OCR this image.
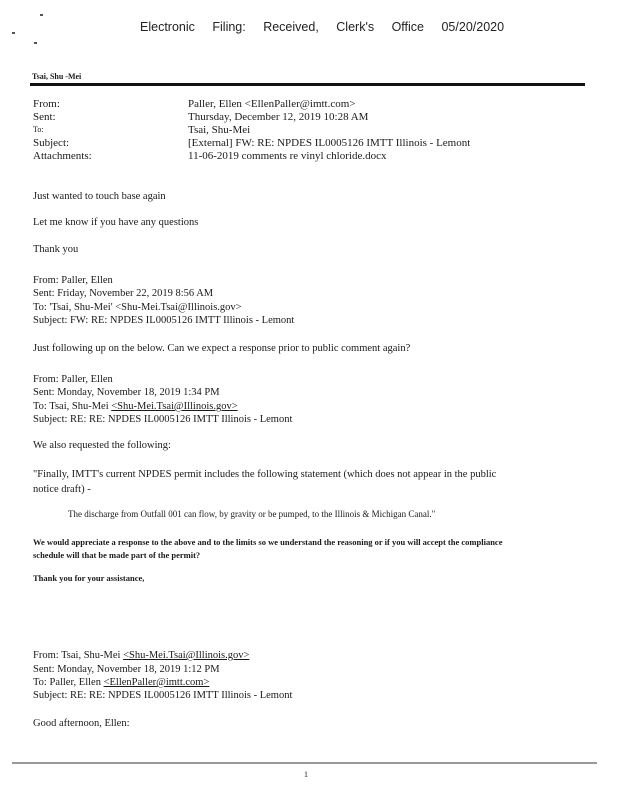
Electronic Filing: Received, Clerk's Office 05/20/2020
Tsai, Shu -Mei
From:	Paller, Ellen <EllenPaller@imtt.com>
Sent:	Thursday, December 12, 2019 10:28 AM
To:	Tsai, Shu-Mei
Subject:	[External] FW: RE: NPDES IL0005126 IMTT Illinois - Lemont
Attachments:	11-06-2019 comments re vinyl chloride.docx
Just wanted to touch base again
Let me know if you have any questions
Thank you
From: Paller, Ellen
Sent: Friday, November 22, 2019 8:56 AM
To: 'Tsai, Shu-Mei' <Shu-Mei.Tsai@Illinois.gov>
Subject: FW: RE: NPDES IL0005126 IMTT Illinois - Lemont
Just following up on the below. Can we expect a response prior to public comment again?
From: Paller, Ellen
Sent: Monday, November 18, 2019 1:34 PM
To: Tsai, Shu-Mei <Shu-Mei.Tsai@Illinois.gov>
Subject: RE: RE: NPDES IL0005126 IMTT Illinois - Lemont
We also requested the following:
"Finally, IMTT's current NPDES permit includes the following statement (which does not appear in the public
notice draft) -
The discharge from Outfall 001 can flow, by gravity or be pumped, to the Illinois & Michigan Canal."
We would appreciate a response to the above and to the limits so we understand the reasoning or if you will accept the compliance
schedule will that be made part of the permit?
Thank you for your assistance,
From: Tsai, Shu-Mei <Shu-Mei.Tsai@Illinois.gov>
Sent: Monday, November 18, 2019 1:12 PM
To: Paller, Ellen <EllenPaller@imtt.com>
Subject: RE: RE: NPDES IL0005126 IMTT Illinois - Lemont
Good afternoon, Ellen:
1
